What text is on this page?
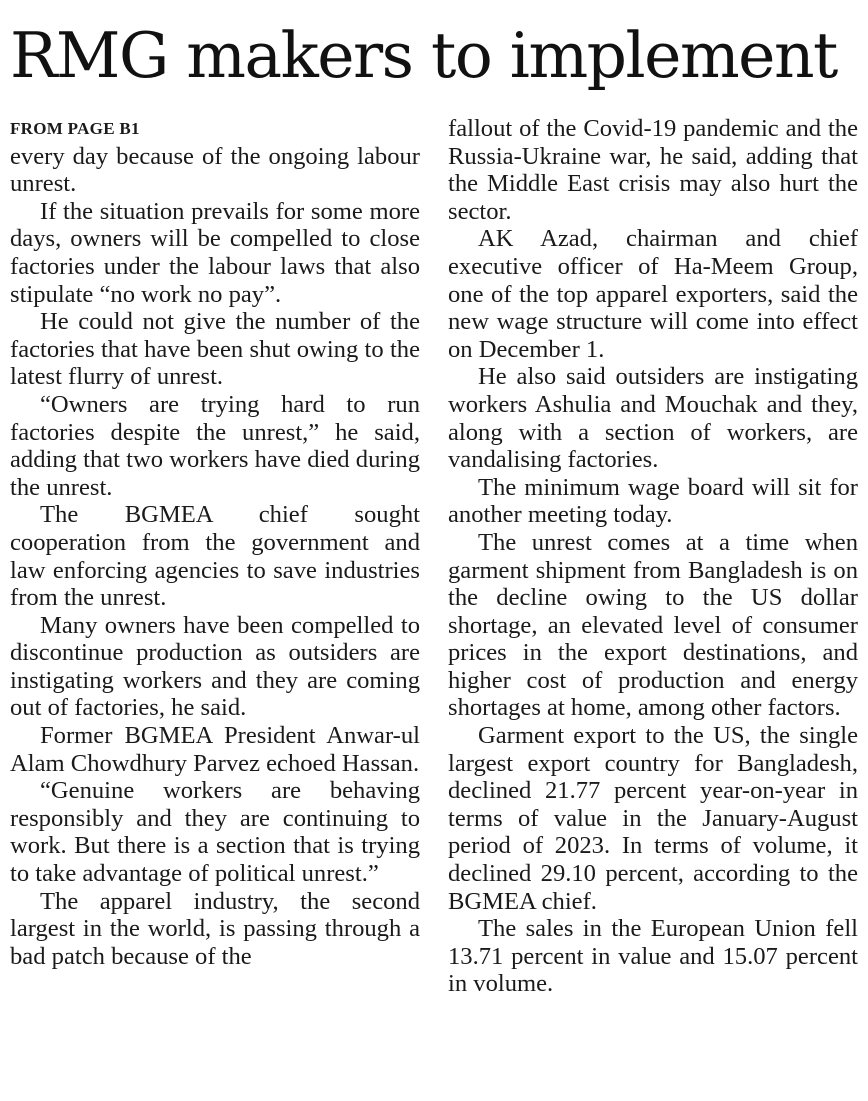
RMG makers to implement
FROM PAGE B1

every day because of the ongoing labour unrest.

If the situation prevails for some more days, owners will be compelled to close factories under the labour laws that also stipulate “no work no pay”.

He could not give the number of the factories that have been shut owing to the latest flurry of unrest.

“Owners are trying hard to run factories despite the unrest,” he said, adding that two workers have died during the unrest.

The BGMEA chief sought cooperation from the government and law enforcing agencies to save industries from the unrest.

Many owners have been compelled to discontinue production as outsiders are instigating workers and they are coming out of factories, he said.

Former BGMEA President Anwar-ul Alam Chowdhury Parvez echoed Hassan.

“Genuine workers are behaving responsibly and they are continuing to work. But there is a section that is trying to take advantage of political unrest.”

The apparel industry, the second largest in the world, is passing through a bad patch because of the

fallout of the Covid-19 pandemic and the Russia-Ukraine war, he said, adding that the Middle East crisis may also hurt the sector.

AK Azad, chairman and chief executive officer of Ha-Meem Group, one of the top apparel exporters, said the new wage structure will come into effect on December 1.

He also said outsiders are instigating workers Ashulia and Mouchak and they, along with a section of workers, are vandalising factories.

The minimum wage board will sit for another meeting today.

The unrest comes at a time when garment shipment from Bangladesh is on the decline owing to the US dollar shortage, an elevated level of consumer prices in the export destinations, and higher cost of production and energy shortages at home, among other factors.

Garment export to the US, the single largest export country for Bangladesh, declined 21.77 percent year-on-year in terms of value in the January-August period of 2023. In terms of volume, it declined 29.10 percent, according to the BGMEA chief.

The sales in the European Union fell 13.71 percent in value and 15.07 percent in volume.
